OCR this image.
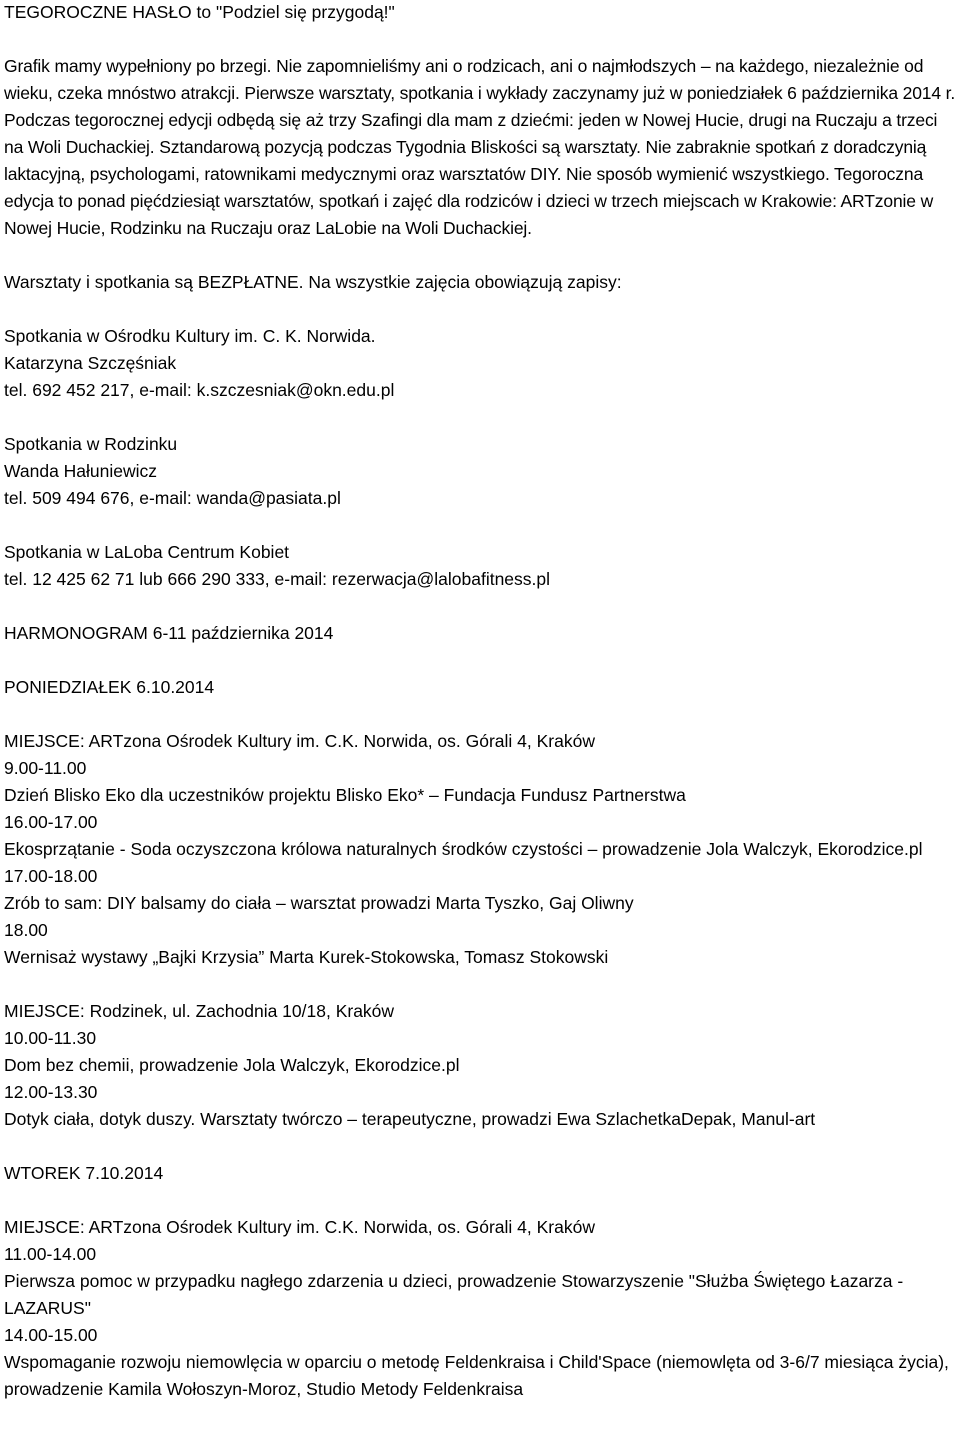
TEGOROCZNE HASŁO to "Podziel się przygodą!"
Grafik mamy wypełniony po brzegi. Nie zapomnieliśmy ani o rodzicach, ani o najmłodszych – na każdego, niezależnie od wieku, czeka mnóstwo atrakcji. Pierwsze warsztaty, spotkania i wykłady zaczynamy już w poniedziałek 6 października 2014 r. Podczas tegorocznej edycji odbędą się aż trzy Szafingi dla mam z dziećmi: jeden w Nowej Hucie, drugi na Ruczaju a trzeci na Woli Duchackiej. Sztandarową pozycją podczas Tygodnia Bliskości są warsztaty. Nie zabraknie spotkań z doradczynią laktacyjną, psychologami, ratownikami medycznymi oraz warsztatów DIY. Nie sposób wymienić wszystkiego. Tegoroczna edycja to ponad pięćdziesiąt warsztatów, spotkań i zajęć dla rodziców i dzieci w trzech miejscach w Krakowie: ARTzonie w Nowej Hucie, Rodzinku na Ruczaju oraz LaLobie na Woli Duchackiej.
Warsztaty i spotkania są BEZPŁATNE. Na wszystkie zajęcia obowiązują zapisy:
Spotkania w Ośrodku Kultury im. C. K. Norwida.
Katarzyna Szczęśniak
tel. 692 452 217, e-mail: k.szczesniak@okn.edu.pl
Spotkania w Rodzinku
Wanda Hałuniewicz
tel. 509 494 676, e-mail: wanda@pasiata.pl
Spotkania w LaLoba Centrum Kobiet
tel. 12 425 62 71 lub 666 290 333, e-mail: rezerwacja@lalobafitness.pl
HARMONOGRAM 6-11 października 2014
PONIEDZIAŁEK 6.10.2014
MIEJSCE: ARTzona Ośrodek Kultury im. C.K. Norwida, os. Górali 4, Kraków
9.00-11.00
Dzień Blisko Eko dla uczestników projektu Blisko Eko* – Fundacja Fundusz Partnerstwa
16.00-17.00
Ekosprzątanie - Soda oczyszczona królowa naturalnych środków czystości – prowadzenie Jola Walczyk, Ekorodzice.pl
17.00-18.00
Zrób to sam: DIY balsamy do ciała – warsztat prowadzi Marta Tyszko, Gaj Oliwny
18.00
Wernisaż wystawy „Bajki Krzysia” Marta Kurek-Stokowska, Tomasz Stokowski
MIEJSCE: Rodzinek, ul. Zachodnia 10/18, Kraków
10.00-11.30
Dom bez chemii, prowadzenie Jola Walczyk, Ekorodzice.pl
12.00-13.30
Dotyk ciała, dotyk duszy. Warsztaty twórczo – terapeutyczne, prowadzi Ewa SzlachetkaDepak, Manul-art
WTOREK 7.10.2014
MIEJSCE: ARTzona Ośrodek Kultury im. C.K. Norwida, os. Górali 4, Kraków
11.00-14.00
Pierwsza pomoc w przypadku nagłego zdarzenia u dzieci, prowadzenie Stowarzyszenie "Służba Świętego Łazarza - LAZARUS"
14.00-15.00
Wspomaganie rozwoju niemowlęcia w oparciu o metodę Feldenkraisa i Child'Space (niemowlęta od 3-6/7 miesiąca życia), prowadzenie Kamila Wołoszyn-Moroz, Studio Metody Feldenkraisa
